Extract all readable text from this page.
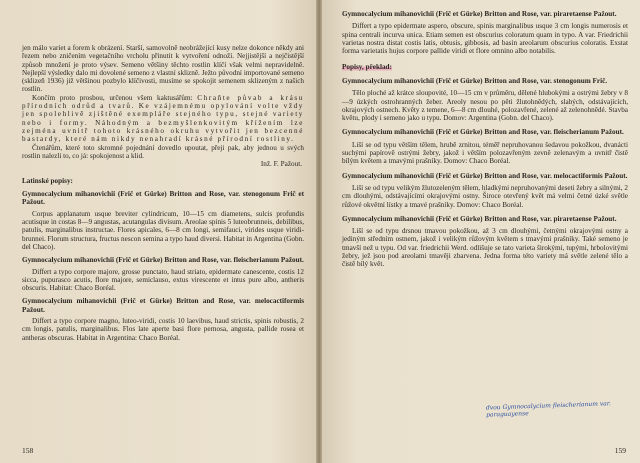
jen málo variet a forem k obrázení. Starší, samovolně neobrážející kusy nelze dokonce někdy ani řezem nebo zničením vegetačního vrcholu přinutit k vytvoření odnoží. Nejjistější a nejčistější způsob množení je proto výsev. Semeno většiny těchto rostlin klíčí však velmi nepravidelně. Nejlepší výsledky dalo mi dovolené semeno z vlastní sklizně. Ježto původní importované semeno (sklizeň 1936) již většinou pozbylo klíčivosti, musíme se spokojit semenem sklizeným z našich rostlin.

Končím proto prosbou, určenou všem kaktusářům: Chraňte půvab a krásu přírodních odrůd a tvarů. Ke vzájemnému opylování volte vždy jen spolehlivě zjištěné exempláře stejného typu, stejné variety nebo i formy. Náhodným a bezmyšlenkovitým křížením lze zejména uvnitř tohoto krásného okruhu vytvořit jen bezcenné bastardy, které nám nikdy nenahradí krásné přírodní rostliny.

Čtenářům, které toto skromné pojednání dovedlo upoutat, přeji pak, aby jednou u svých rostlin nalezli to, co já: spokojenost a klid.

Inž. F. Pažout.

Latinské popisy:

Gymnocalycium mihanovichii (Frič et Gürke) Britton and Rose, var. stenogonum Frič et Pažout.

Corpus applanatum usque breviter cylindricum, 10—15 cm diametens, sulcis profundis acutisque in costas 8—9 angustas, acutangulas divisum. Areolae spinis 5 luteobrunneis, debilibus, patulis, marginalibus instructae. Flores apicales, 6—8 cm longi, semifauci, virides usque viridi-brunnei. Florum structura, fructus nescon semina a typo haud diversi. Habitat in Argentina (Gobn. del Chaco).

Gymnocalycium mihanovichii (Frič et Gürke) Britton and Rose, var. fleischerianum Pažout.

Differt a typo corpore majore, grosse punctato, haud striato, epidermate canescente, costis 12 sicca, pupurasco acutis, flore majore, semiclauso, extus virescente et intus pure albo, antheris obscuris. Habitat: Chaco Boréal.

Gymnocalycium mihanovichii (Frič et Gürke) Britton and Rose, var. melocactiformis Pažout.

Differt a typo corpore magno, luteo-viridi, costis 10 laevibus, haud strictis, spinis robustis, 2 cm longis, patulis, marginalibus. Flos late aperte basi flore pernosa, angusta, pallide rosea et antheras obscuras. Habitat in Argentina: Chaco Boréal.

158

Gymnocalycium mihanovichii (Frič et Gürke) Britton and Rose, var. piraretaense Pažout.

Differt a typo epidermate aspero, obscure, spinis marginalibus usque 3 cm longis numerosis et spina centrali incurva unica. Etiam semen est obscurius coloratum quam in typo. A var. Friedrichii varietas nostra distat costis latis, obtusis, gibbosis, ad basin areolarum obscurius coloratis. Exstat forma varietatis hujus corpore pallide viridi et flore omnino albo notabilis.

Popisy, překlad:

Gymnocalycium mihanovichii (Frič et Gürke) Britton and Rose, var. stenogonum Frič.

Tělo ploché až krátce sloupovité, 10—15 cm v průměru, dělené hlubokými a ostrými žebry v 8—9 úzkých ostrohranných žeber. Areoly nesou po pěti žlutohnědých, slabých, odstávajících, okrajových ostnech. Květy z temene, 6—8 cm dlouhé, polozavřené, zelené až zelenohnědé. Stavba květu, plody i semeno jako u typu. Domov: Argentina (Gobn. del Chaco).

Gymnocalycium mihanovichii (Frič et Gürke) Britton and Rose, var. fleischerianum Pažout.

Liší se od typu větším tělem, hrubě zrnitou, téměř nepruhovanou šedavou pokožkou, dvanácti suchými papírově ostrými žebry, jakož i větším polozavřeným zevně zelenavým a uvnitř čistě bílým květem a tmavými prašníky. Domov: Chaco Boréal.

Gymnocalycium mihanovichii (Frič et Gürke) Britton and Rose, var. melocactiformis Pažout.

Liší se od typu velikým žlutozeleným tělem, hladkými nepruhovanými deseti žebry a silnými, 2 cm dlouhými, odstávajícími okrajovými ostny. Široce otevřený květ má velmi četné úzké světle růžové okvětní lístky a tmavé prašníky. Domov: Chaco Boréal.

Gymnocalycium mihanovichii (Frič et Gürke) Britton and Rose, var. piraretaense Pažout.

Liší se od typu drsnou tmavou pokožkou, až 3 cm dlouhými, četnými okrajovými ostny a jediným středním ostnem, jakož i velikým růžovým květem s tmavými prašníky. Také semeno je tmavší než u typu. Od var. friedrichii Werd. odlišuje se tato varieta širokými, tupými, hrbolovitými žebry, jež jsou pod areolami tmavěji zbarvena. Jedna forma této variety má světle zelené tělo a čistě bílý květ.

dvou Gymnocalycium fleischerianum var. paraguayense
159
